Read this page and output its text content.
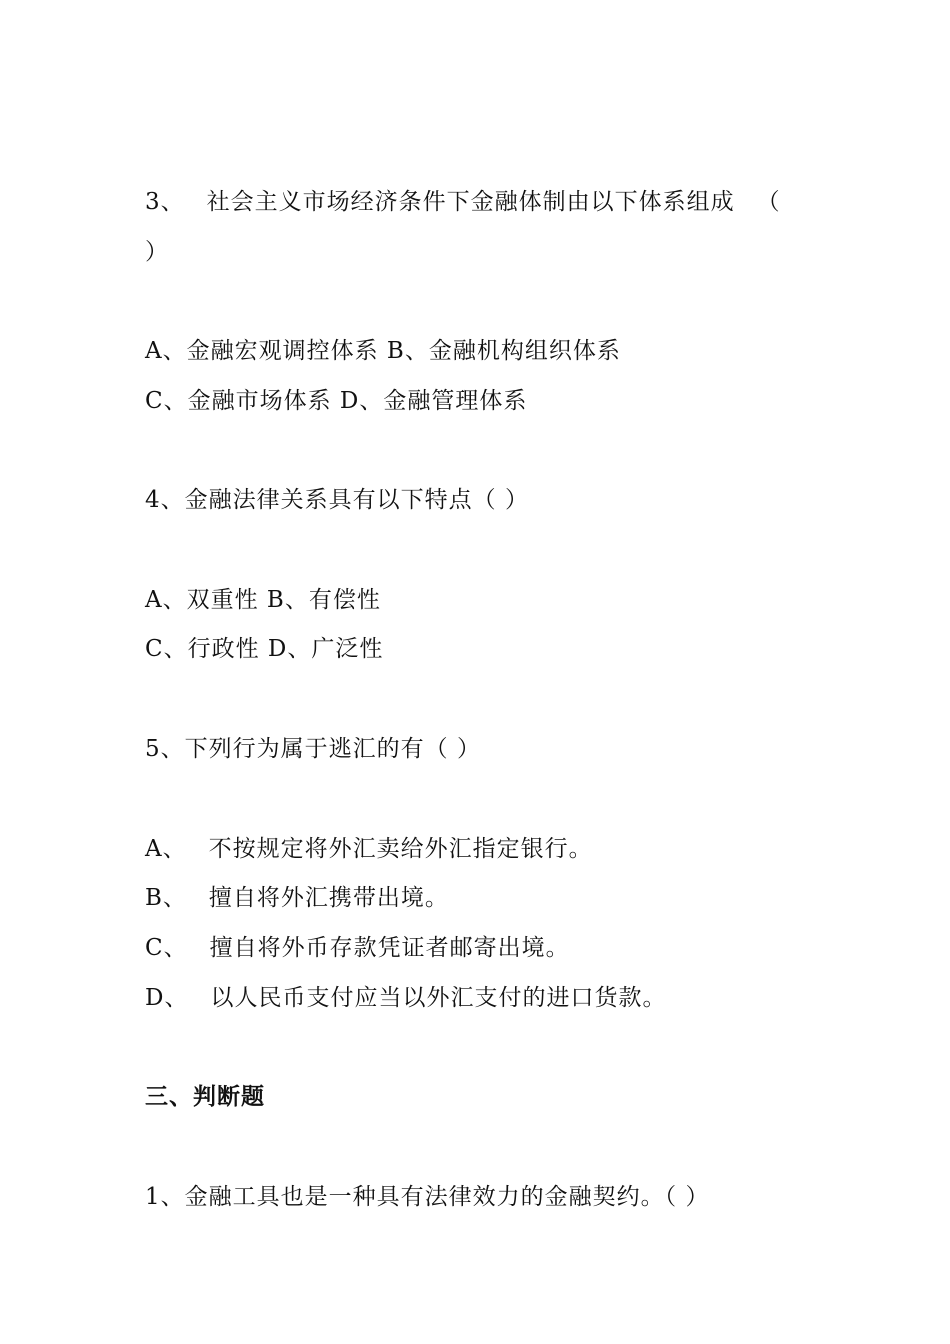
3、 社会主义市场经济条件下金融体制由以下体系组成 （
）
A、金融宏观调控体系 B、金融机构组织体系
C、金融市场体系 D、金融管理体系
4、金融法律关系具有以下特点（ ）
A、双重性 B、有偿性
C、行政性 D、广泛性
5、下列行为属于逃汇的有（ ）
A、 不按规定将外汇卖给外汇指定银行。
B、 擅自将外汇携带出境。
C、 擅自将外币存款凭证者邮寄出境。
D、 以人民币支付应当以外汇支付的进口货款。
三、判断题
1、金融工具也是一种具有法律效力的金融契约。（ ）
